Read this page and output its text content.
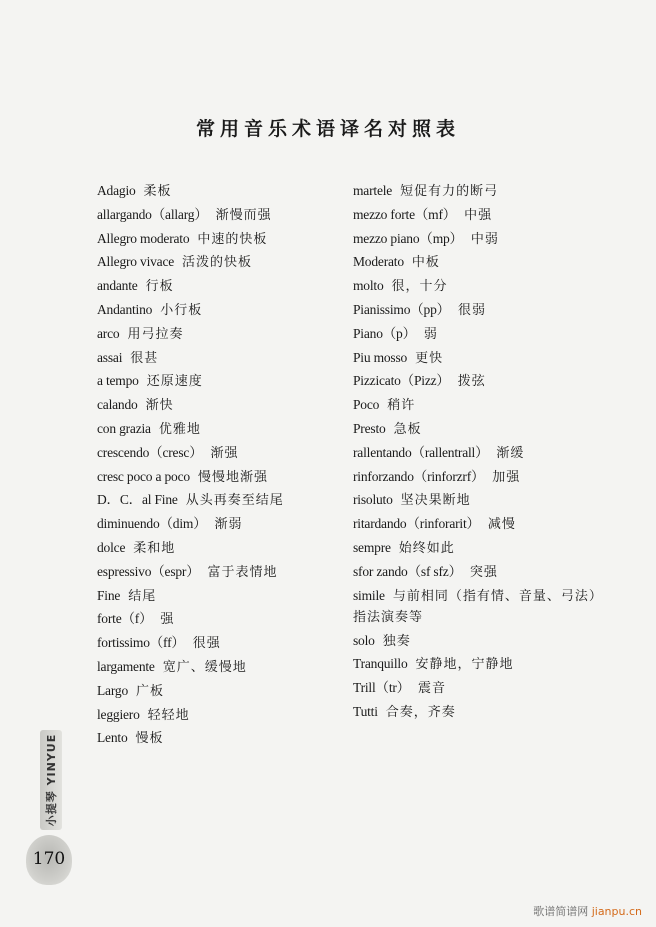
常用音乐术语译名对照表
Adagio 柔板
allargando（allarg） 渐慢而强
Allegro moderato 中速的快板
Allegro vivace 活泼的快板
andante 行板
Andantino 小行板
arco 用弓拉奏
assai 很甚
a tempo 还原速度
calando 渐快
con grazia 优雅地
crescendo（cresc） 渐强
cresc poco a poco 慢慢地渐强
D．C．al Fine 从头再奏至结尾
diminuendo（dim） 渐弱
dolce 柔和地
espressivo（espr） 富于表情地
Fine 结尾
forte（f） 强
fortissimo（ff） 很强
largamente 宽广、缓慢地
Largo 广板
leggiero 轻轻地
Lento 慢板
martele 短促有力的断弓
mezzo forte（mf） 中强
mezzo piano（mp） 中弱
Moderato 中板
molto 很，十分
Pianissimo（pp） 很弱
Piano（p） 弱
Piu mosso 更快
Pizzicato（Pizz） 拨弦
Poco 稍许
Presto 急板
rallentando（rallentrall） 渐缓
rinforzando（rinforzrf） 加强
risoluto 坚决果断地
ritardando（rinforarit） 减慢
sempre 始终如此
sfor zando（sf sfz） 突强
simile 与前相同（指有情、音量、弓法）指法演奏等
solo 独奏
Tranquillo 安静地，宁静地
Trill（tr） 震音
Tutti 合奏，齐奏
小提琴 YINYUE
170
歌谱简谱网 jianpu.cn
